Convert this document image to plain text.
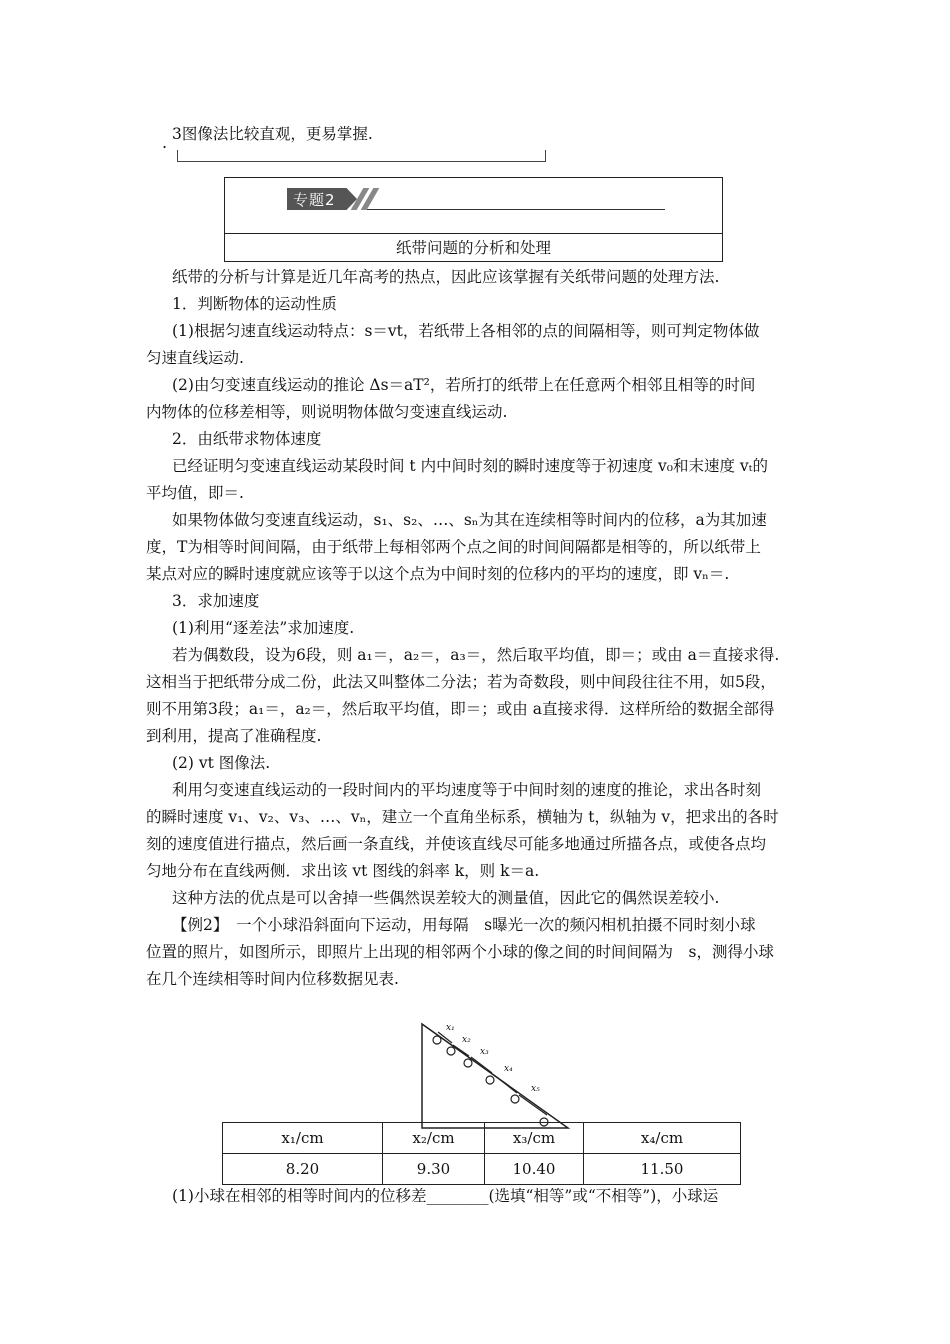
. 3图像法比较直观，更易掌握.
专题2
纸带问题的分析和处理
纸带的分析与计算是近几年高考的热点，因此应该掌握有关纸带问题的处理方法.
1．判断物体的运动性质
(1)根据匀速直线运动特点：s＝vt，若纸带上各相邻的点的间隔相等，则可判定物体做
匀速直线运动.
(2)由匀变速直线运动的推论 Δs＝aT²，若所打的纸带上在任意两个相邻且相等的时间
内物体的位移差相等，则说明物体做匀变速直线运动.
2．由纸带求物体速度
已经证明匀变速直线运动某段时间 t 内中间时刻的瞬时速度等于初速度 v₀和末速度 vₜ的
平均值，即＝.
如果物体做匀变速直线运动，s₁、s₂、…、sₙ为其在连续相等时间内的位移，a为其加速
度，T为相等时间间隔，由于纸带上每相邻两个点之间的时间间隔都是相等的，所以纸带上
某点对应的瞬时速度就应该等于以这个点为中间时刻的位移内的平均的速度，即 vₙ＝.
3．求加速度
(1)利用“逐差法”求加速度.
若为偶数段，设为6段，则 a₁＝，a₂＝，a₃＝，然后取平均值，即＝；或由 a＝直接求得.
这相当于把纸带分成二份，此法又叫整体二分法；若为奇数段，则中间段往往不用，如5段，
则不用第3段；a₁＝，a₂＝，然后取平均值，即＝；或由 a直接求得．这样所给的数据全部得
到利用，提高了准确程度.
(2) vt 图像法.
利用匀变速直线运动的一段时间内的平均速度等于中间时刻的速度的推论，求出各时刻
的瞬时速度 v₁、v₂、v₃、…、vₙ，建立一个直角坐标系，横轴为 t，纵轴为 v，把求出的各时
刻的速度值进行描点，然后画一条直线，并使该直线尽可能多地通过所描各点，或使各点均
匀地分布在直线两侧．求出该 vt 图线的斜率 k，则 k＝a.
这种方法的优点是可以舍掉一些偶然误差较大的测量值，因此它的偶然误差较小.
【例2】　一个小球沿斜面向下运动，用每隔　s曝光一次的频闪相机拍摄不同时刻小球
位置的照片，如图所示，即照片上出现的相邻两个小球的像之间的时间间隔为　s，测得小球
在几个连续相等时间内位移数据见表.
x₁
x₂
x₃
x₄
x₅
x₁/cm	x₂/cm	x₃/cm	x₄/cm
8.20	9.30	10.40	11.50
(1)小球在相邻的相等时间内的位移差________(选填“相等”或“不相等”)，小球运
